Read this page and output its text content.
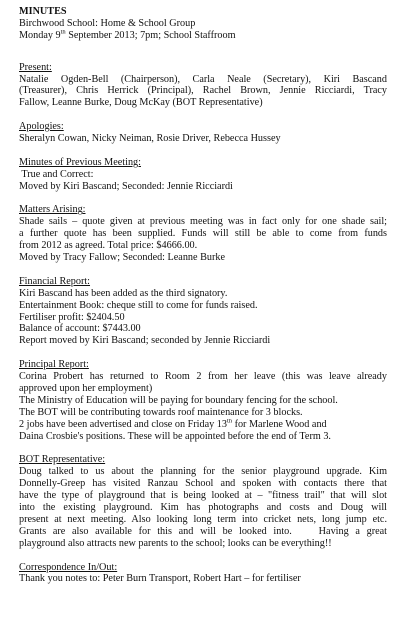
MINUTES
Birchwood School: Home & School Group
Monday 9th September 2013; 7pm; School Staffroom
Present:
Natalie Ogden-Bell (Chairperson), Carla Neale (Secretary), Kiri Bascand
(Treasurer), Chris Herrick (Principal), Rachel Brown, Jennie Ricciardi, Tracy
Fallow, Leanne Burke, Doug McKay (BOT Representative)
Apologies:
Sheralyn Cowan, Nicky Neiman, Rosie Driver, Rebecca Hussey
Minutes of Previous Meeting:
True and Correct:
Moved by Kiri Bascand; Seconded: Jennie Ricciardi
Matters Arising:
Shade sails – quote given at previous meeting was in fact only for one shade sail;
a further quote has been supplied. Funds will still be able to come from funds
from 2012 as agreed. Total price: $4666.00.
Moved by Tracy Fallow; Seconded: Leanne Burke
Financial Report:
Kiri Bascand has been added as the third signatory.
Entertainment Book: cheque still to come for funds raised.
Fertiliser profit: $2404.50
Balance of account: $7443.00
Report moved by Kiri Bascand; seconded by Jennie Ricciardi
Principal Report:
Corina Probert has returned to Room 2 from her leave (this was leave already
approved upon her employment)
The Ministry of Education will be paying for boundary fencing for the school.
The BOT will be contributing towards roof maintenance for 3 blocks.
2 jobs have been advertised and close on Friday 13th for Marlene Wood and
Daina Crosbie's positions. These will be appointed before the end of Term 3.
BOT Representative:
Doug talked to us about the planning for the senior playground upgrade. Kim
Donnelly-Greep has visited Ranzau School and spoken with contacts there that
have the type of playground that is being looked at – "fitness trail" that will slot
into the existing playground. Kim has photographs and costs and Doug will
present at next meeting. Also looking long term into cricket nets, long jump etc.
Grants are also available for this and will be looked into.    Having a great
playground also attracts new parents to the school; looks can be everything!!
Correspondence In/Out:
Thank you notes to: Peter Burn Transport, Robert Hart – for fertiliser
